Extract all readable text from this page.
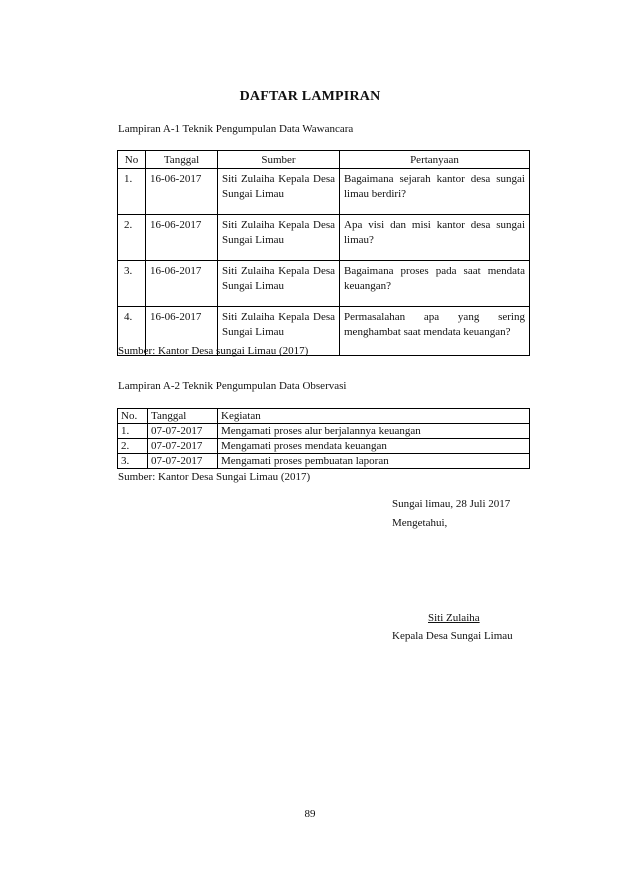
DAFTAR LAMPIRAN
Lampiran A-1 Teknik Pengumpulan Data Wawancara
No	Tanggal	Sumber	Pertanyaan
1.	16-06-2017	Siti Zulaiha Kepala Desa Sungai Limau	Bagaimana sejarah kantor desa sungai limau berdiri?
2.	16-06-2017	Siti Zulaiha Kepala Desa Sungai Limau	Apa visi dan misi kantor desa sungai limau?
3.	16-06-2017	Siti Zulaiha Kepala Desa Sungai Limau	Bagaimana proses pada saat mendata keuangan?
4.	16-06-2017	Siti Zulaiha Kepala Desa Sungai Limau	Permasalahan apa yang sering menghambat saat mendata keuangan?
Sumber: Kantor Desa sungai Limau (2017)
Lampiran A-2 Teknik Pengumpulan Data Observasi
No.	Tanggal	Kegiatan
1.	07-07-2017	Mengamati proses alur berjalannya keuangan
2.	07-07-2017	Mengamati proses mendata keuangan
3.	07-07-2017	Mengamati proses pembuatan laporan
Sumber: Kantor Desa Sungai Limau (2017)
Sungai limau, 28 Juli 2017
Mengetahui,
Siti Zulaiha
Kepala Desa Sungai Limau
89
